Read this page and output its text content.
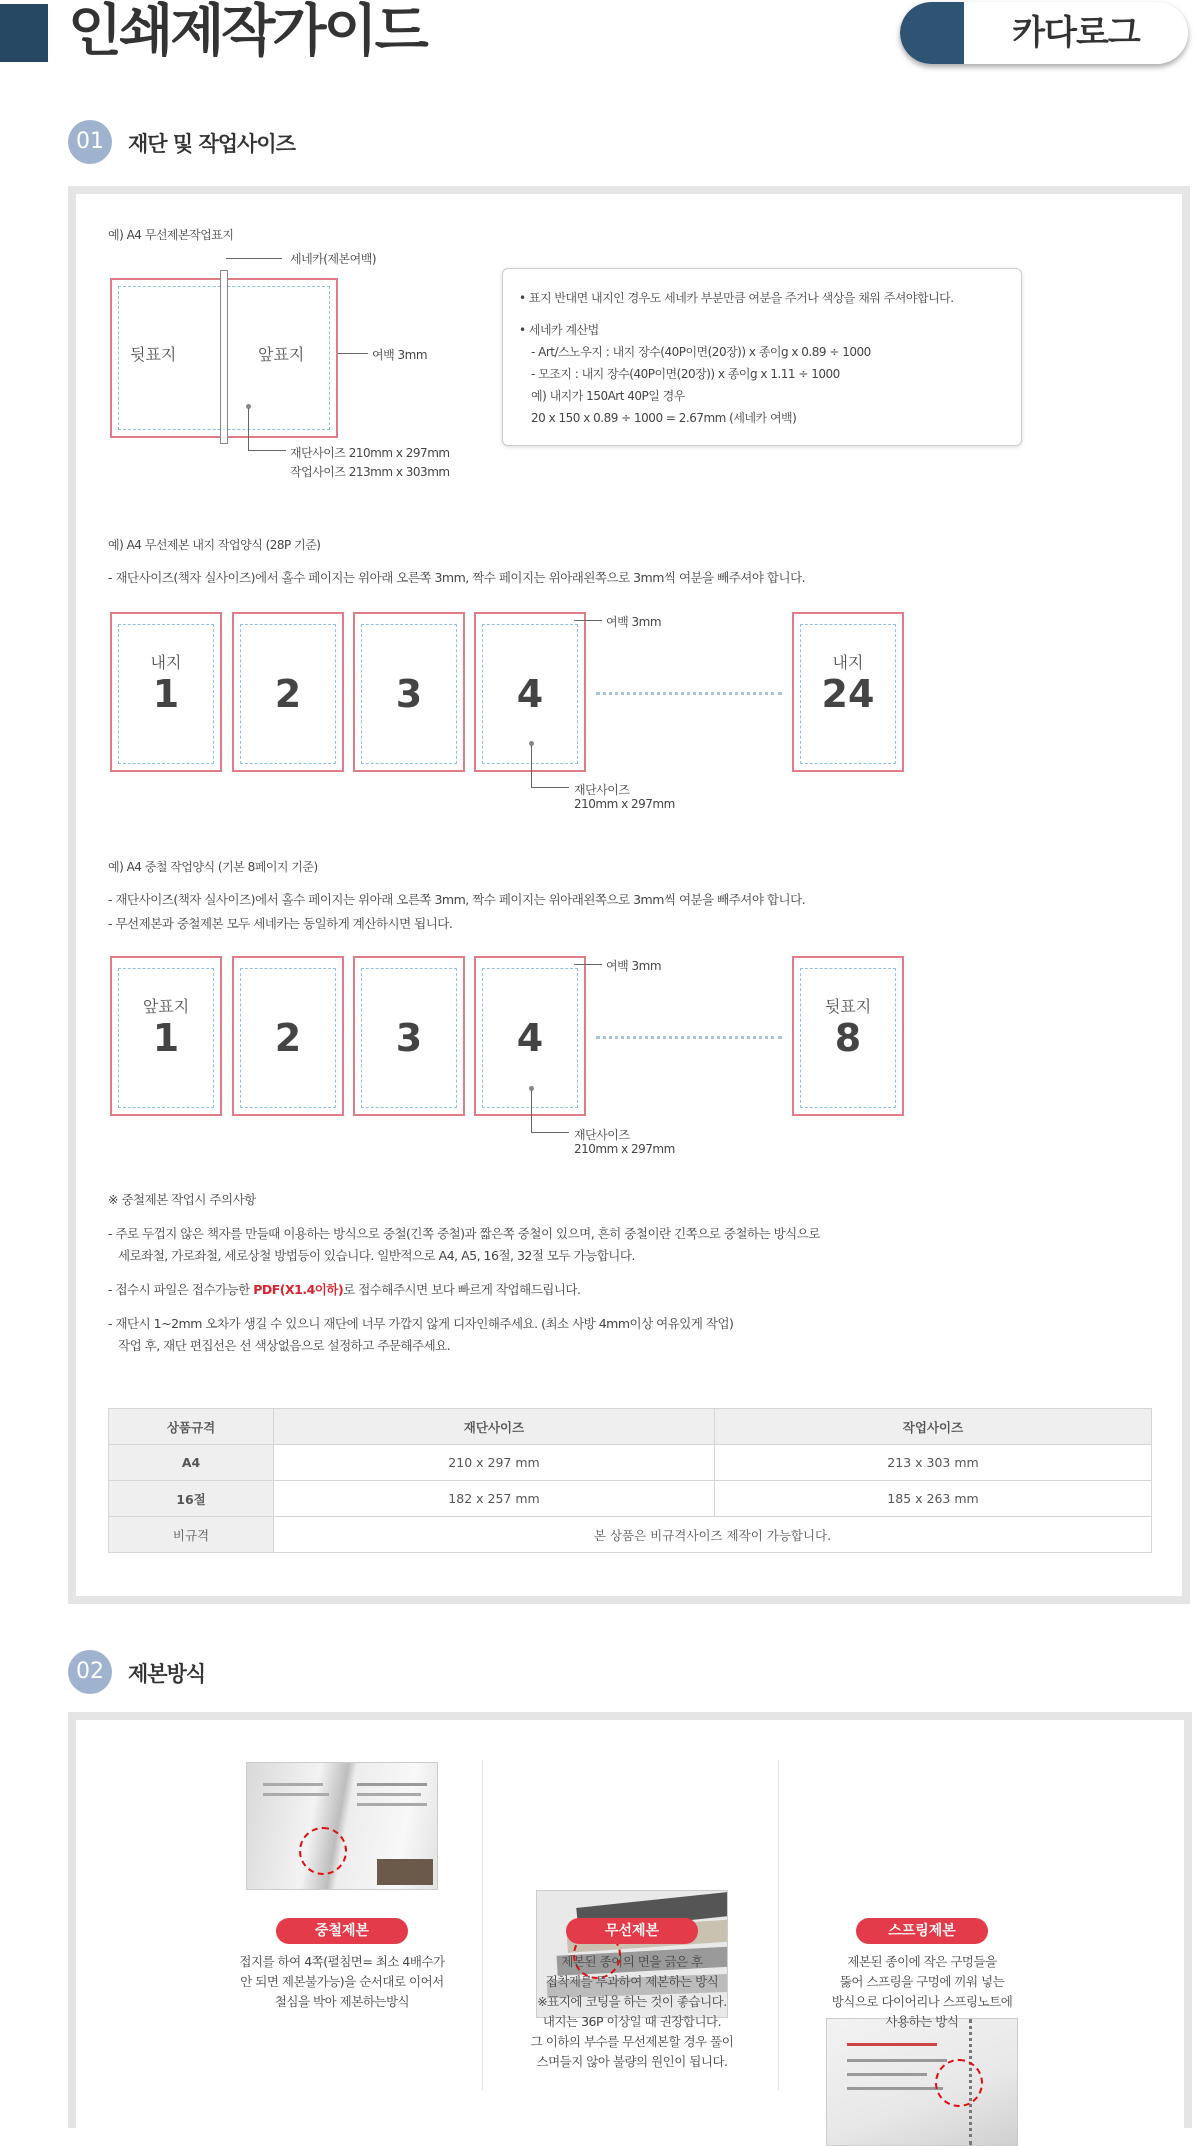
인쇄제작가이드	카다로그
01	재단 및 작업사이즈
예) A4 무선제본작업표지
뒷표지	앞표지
세네카(제본여백)
여백 3mm
재단사이즈 210mm x 297mm
작업사이즈 213mm x 303mm
• 표지 반대면 내지인 경우도 세네카 부분만큼 여분을 주거나 색상을 채워 주셔야합니다.
• 세네카 계산법
- Art/스노우지 : 내지 장수(40P이면(20장)) x 종이g x 0.89 ÷ 1000
- 모조지 : 내지 장수(40P이면(20장)) x 종이g x 1.11 ÷ 1000
예) 내지가 150Art 40P일 경우
20 x 150 x 0.89 ÷ 1000 = 2.67mm (세네카 여백)
예) A4 무선제본 내지 작업양식 (28P 기준)
- 재단사이즈(책자 실사이즈)에서 홀수 페이지는 위아래 오른쪽 3mm, 짝수 페이지는 위아래왼쪽으로 3mm씩 여분을 빼주셔야 합니다.
내지
1	2	3	4
내지
24
여백 3mm
재단사이즈
210mm x 297mm
예) A4 중철 작업양식 (기본 8페이지 기준)
- 재단사이즈(책자 실사이즈)에서 홀수 페이지는 위아래 오른쪽 3mm, 짝수 페이지는 위아래왼쪽으로 3mm씩 여분을 빼주셔야 합니다.
- 무선제본과 중철제본 모두 세네카는 동일하게 계산하시면 됩니다.
앞표지
1	2	3	4
뒷표지
8
여백 3mm
재단사이즈
210mm x 297mm
※ 중철제본 작업시 주의사항
- 주로 두껍지 않은 책자를 만들때 이용하는 방식으로 중철(긴쪽 중철)과 짧은쪽 중철이 있으며, 흔히 중철이란 긴쪽으로 중철하는 방식으로
세로좌철, 가로좌철, 세로상철 방법등이 있습니다. 일반적으로 A4, A5, 16절, 32절 모두 가능합니다.
- 접수시 파일은 접수가능한 PDF(X1.4이하)로 접수해주시면 보다 빠르게 작업해드립니다.
- 재단시 1~2mm 오차가 생길 수 있으니 재단에 너무 가깝지 않게 디자인해주세요. (최소 사방 4mm이상 여유있게 작업)
작업 후, 재단 편집선은 선 색상없음으로 설정하고 주문해주세요.
상품규격	재단사이즈	작업사이즈
A4	210 x 297 mm	213 x 303 mm
16절	182 x 257 mm	185 x 263 mm
비규격	본 상품은 비규격사이즈 제작이 가능합니다.	
02	제본방식
중철제본
접지를 하여 4쪽(펼침면= 최소 4배수가
안 되면 제본불가능)을 순서대로 이어서
철심을 박아 제본하는방식
무선제본
제본된 종이의 면을 긁은 후
접착제를 투과하여 제본하는 방식
※표지에 코팅을 하는 것이 좋습니다.
내지는 36P 이상일 때 권장합니다.
그 이하의 부수를 무선제본할 경우 풀이
스며들지 않아 불량의 원인이 됩니다.
스프링제본
제본된 종이에 작은 구멍들을
뚫어 스프링을 구멍에 끼워 넣는
방식으로 다이어리나 스프링노트에
사용하는 방식
